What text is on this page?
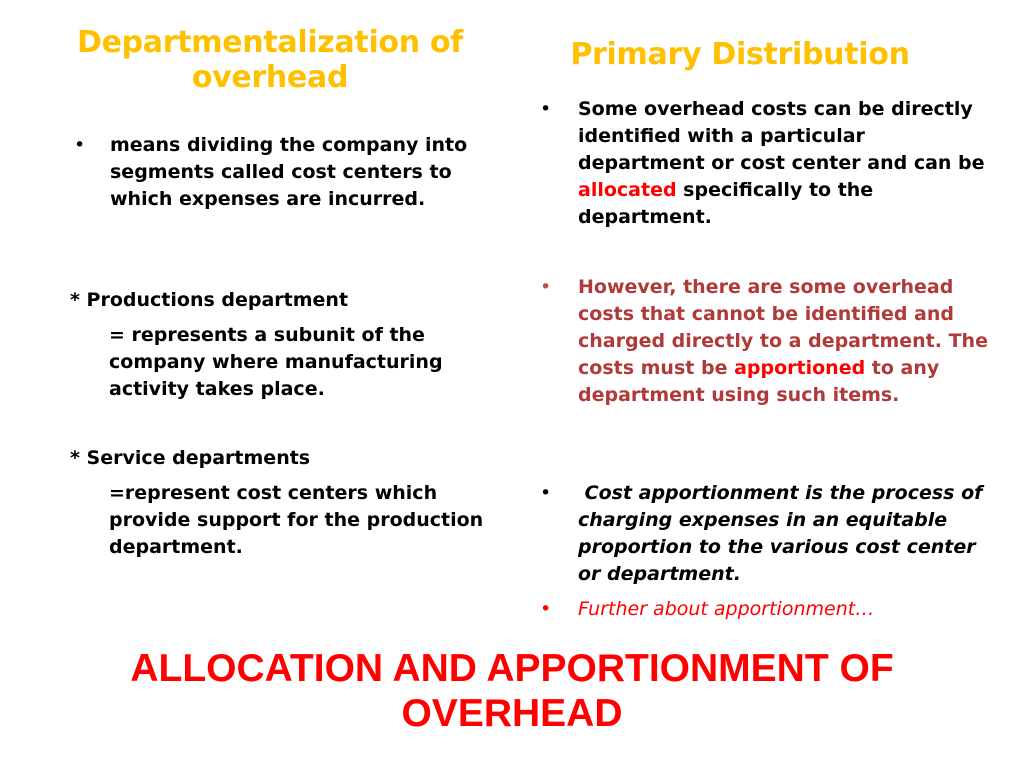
Departmentalization of overhead
Primary Distribution
•	means dividing the company into segments called cost centers to which expenses are incurred.
* Productions department
= represents a subunit of the company where manufacturing activity takes place.
* Service departments
=represent cost centers which provide support for the production department.
•	Some overhead costs can be directly identified with a particular department or cost center and can be allocated specifically to the department.
•	However, there are some overhead costs that cannot be identified and charged directly to a department. The costs must be apportioned to any department using such items.
•	Cost apportionment is the process of charging expenses in an equitable proportion to the various cost center or department.
•	Further about apportionment…
ALLOCATION AND APPORTIONMENT OF OVERHEAD
